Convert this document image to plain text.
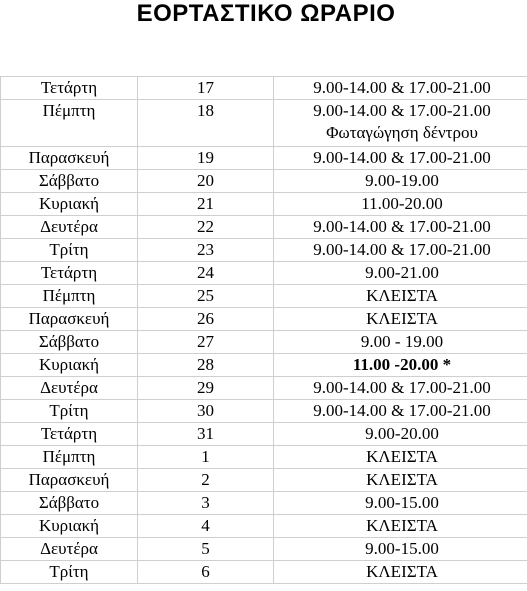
ΕΟΡΤΑΣΤΙΚΟ ΩΡΑΡΙΟ
Τετάρτη	17	9.00-14.00 & 17.00-21.00

Πέμπτη	18	9.00-14.00 & 17.00-21.00
Φωταγώγηση δέντρου

Παρασκευή	19	9.00-14.00 & 17.00-21.00

Σάββατο	20	9.00-19.00

Κυριακή	21	11.00-20.00

Δευτέρα	22	9.00-14.00 & 17.00-21.00

Τρίτη	23	9.00-14.00 & 17.00-21.00

Τετάρτη	24	9.00-21.00

Πέμπτη	25	ΚΛΕΙΣΤΑ

Παρασκευή	26	ΚΛΕΙΣΤΑ

Σάββατο	27	9.00 - 19.00

Κυριακή	28	11.00 -20.00 *

Δευτέρα	29	9.00-14.00 & 17.00-21.00

Τρίτη	30	9.00-14.00 & 17.00-21.00

Τετάρτη	31	9.00-20.00

Πέμπτη	1	ΚΛΕΙΣΤΑ

Παρασκευή	2	ΚΛΕΙΣΤΑ

Σάββατο	3	9.00-15.00

Κυριακή	4	ΚΛΕΙΣΤΑ

Δευτέρα	5	9.00-15.00

Τρίτη	6	ΚΛΕΙΣΤΑ
